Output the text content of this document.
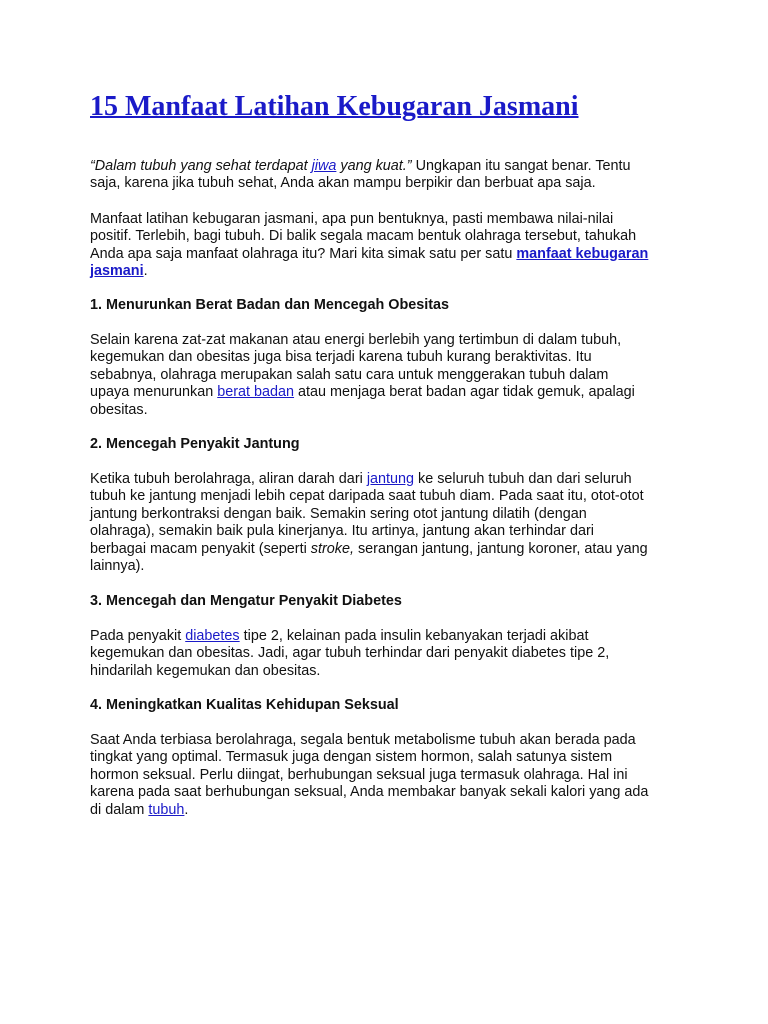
15 Manfaat Latihan Kebugaran Jasmani

“Dalam tubuh yang sehat terdapat jiwa yang kuat.” Ungkapan itu sangat benar. Tentu
saja, karena jika tubuh sehat, Anda akan mampu berpikir dan berbuat apa saja.

Manfaat latihan kebugaran jasmani, apa pun bentuknya, pasti membawa nilai-nilai
positif. Terlebih, bagi tubuh. Di balik segala macam bentuk olahraga tersebut, tahukah
Anda apa saja manfaat olahraga itu? Mari kita simak satu per satu manfaat kebugaran
jasmani.

1. Menurunkan Berat Badan dan Mencegah Obesitas

Selain karena zat-zat makanan atau energi berlebih yang tertimbun di dalam tubuh,
kegemukan dan obesitas juga bisa terjadi karena tubuh kurang beraktivitas. Itu
sebabnya, olahraga merupakan salah satu cara untuk menggerakan tubuh dalam
upaya menurunkan berat badan atau menjaga berat badan agar tidak gemuk, apalagi
obesitas.

2. Mencegah Penyakit Jantung

Ketika tubuh berolahraga, aliran darah dari jantung ke seluruh tubuh dan dari seluruh
tubuh ke jantung menjadi lebih cepat daripada saat tubuh diam. Pada saat itu, otot-otot
jantung berkontraksi dengan baik. Semakin sering otot jantung dilatih (dengan
olahraga), semakin baik pula kinerjanya. Itu artinya, jantung akan terhindar dari
berbagai macam penyakit (seperti stroke, serangan jantung, jantung koroner, atau yang
lainnya).

3. Mencegah dan Mengatur Penyakit Diabetes

Pada penyakit diabetes tipe 2, kelainan pada insulin kebanyakan terjadi akibat
kegemukan dan obesitas. Jadi, agar tubuh terhindar dari penyakit diabetes tipe 2,
hindarilah kegemukan dan obesitas.

4. Meningkatkan Kualitas Kehidupan Seksual

Saat Anda terbiasa berolahraga, segala bentuk metabolisme tubuh akan berada pada
tingkat yang optimal. Termasuk juga dengan sistem hormon, salah satunya sistem
hormon seksual. Perlu diingat, berhubungan seksual juga termasuk olahraga. Hal ini
karena pada saat berhubungan seksual, Anda membakar banyak sekali kalori yang ada
di dalam tubuh.
